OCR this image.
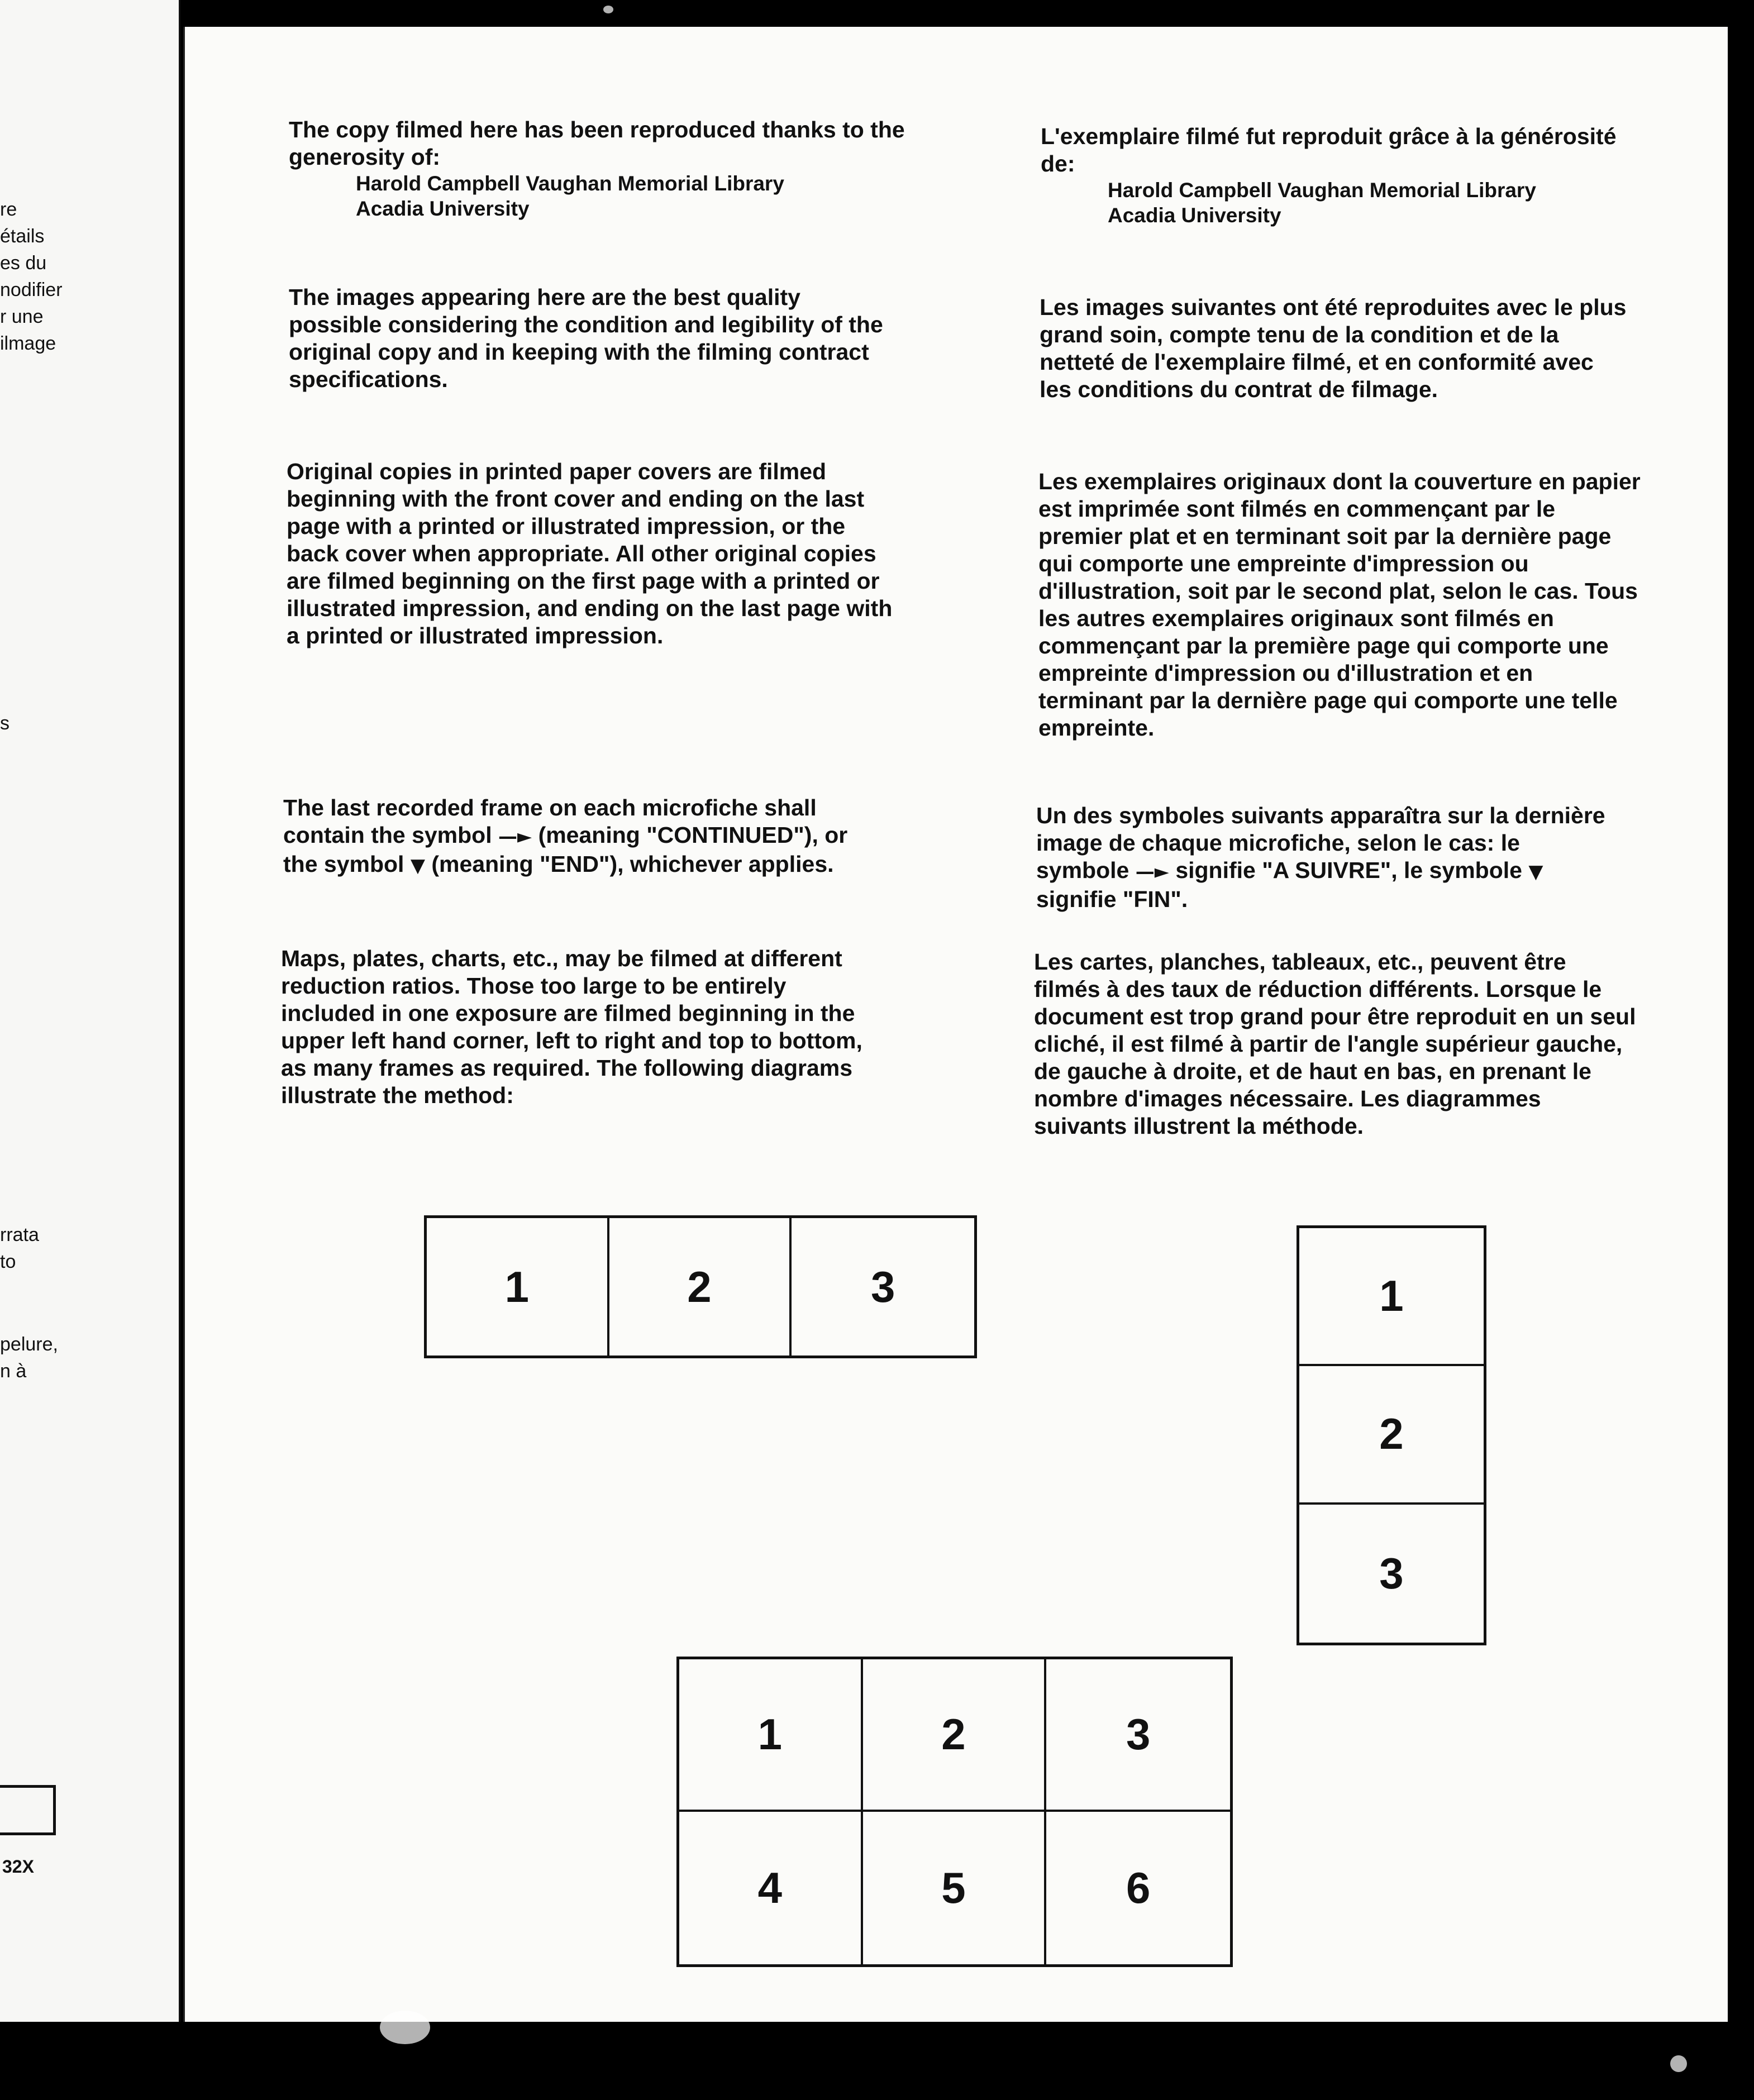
re
étails
es du
nodifier
r une
ilmage
s
rrata
to
pelure,
n à
32X
The copy filmed here has been reproduced thanks to the generosity of:
Harold Campbell Vaughan Memorial Library
Acadia University

The images appearing here are the best quality possible considering the condition and legibility of the original copy and in keeping with the filming contract specifications.

Original copies in printed paper covers are filmed beginning with the front cover and ending on the last page with a printed or illustrated impression, or the back cover when appropriate. All other original copies are filmed beginning on the first page with a printed or illustrated impression, and ending on the last page with a printed or illustrated impression.

The last recorded frame on each microfiche shall contain the symbol —► (meaning "CONTINUED"), or the symbol ▼ (meaning "END"), whichever applies.

Maps, plates, charts, etc., may be filmed at different reduction ratios. Those too large to be entirely included in one exposure are filmed beginning in the upper left hand corner, left to right and top to bottom, as many frames as required. The following diagrams illustrate the method:

L'exemplaire filmé fut reproduit grâce à la générosité de:
Harold Campbell Vaughan Memorial Library
Acadia University

Les images suivantes ont été reproduites avec le plus grand soin, compte tenu de la condition et de la netteté de l'exemplaire filmé, et en conformité avec les conditions du contrat de filmage.

Les exemplaires originaux dont la couverture en papier est imprimée sont filmés en commençant par le premier plat et en terminant soit par la dernière page qui comporte une empreinte d'impression ou d'illustration, soit par le second plat, selon le cas. Tous les autres exemplaires originaux sont filmés en commençant par la première page qui comporte une empreinte d'impression ou d'illustration et en terminant par la dernière page qui comporte une telle empreinte.

Un des symboles suivants apparaîtra sur la dernière image de chaque microfiche, selon le cas: le symbole —► signifie "A SUIVRE", le symbole ▼ signifie "FIN".

Les cartes, planches, tableaux, etc., peuvent être filmés à des taux de réduction différents. Lorsque le document est trop grand pour être reproduit en un seul cliché, il est filmé à partir de l'angle supérieur gauche, de gauche à droite, et de haut en bas, en prenant le nombre d'images nécessaire. Les diagrammes suivants illustrent la méthode.

1	2	3	1
2
3
1	2	3
4	5	6
